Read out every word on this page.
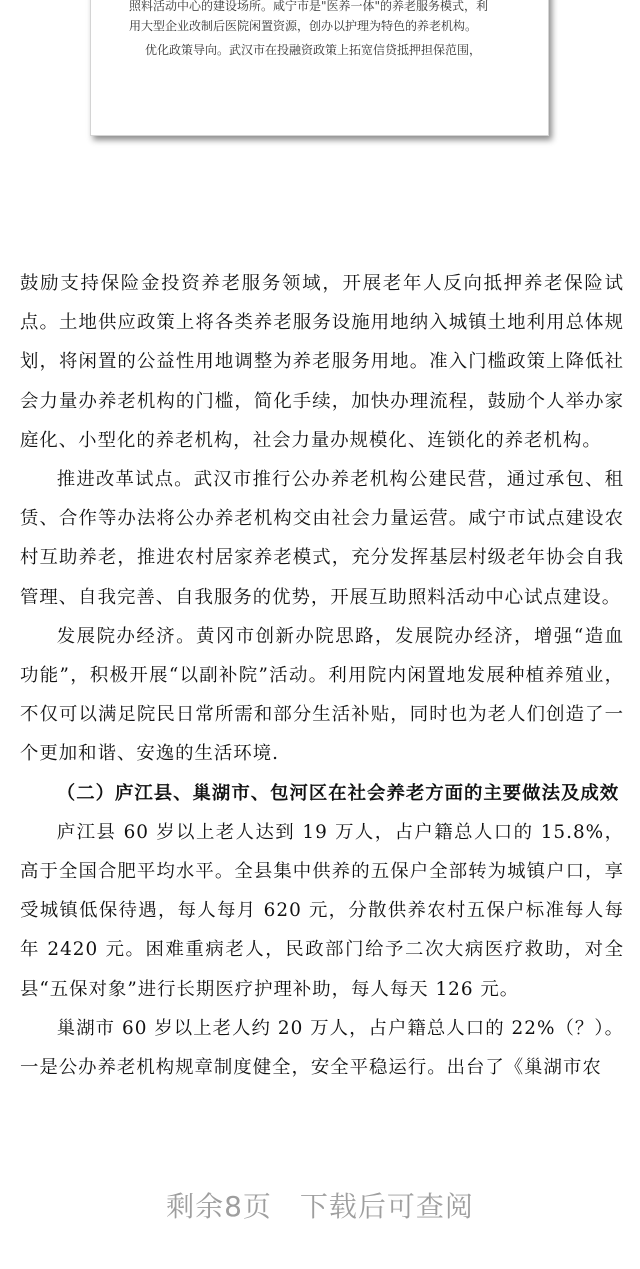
照料活动中心的建设场所。咸宁市是"医养一体"的养老服务模式，利
用大型企业改制后医院闲置资源，创办以护理为特色的养老机构。
优化政策导向。武汉市在投融资政策上拓宽信贷抵押担保范围，

鼓励支持保险金投资养老服务领域，开展老年人反向抵押养老保险试点。土地供应政策上将各类养老服务设施用地纳入城镇土地利用总体规划，将闲置的公益性用地调整为养老服务用地。准入门槛政策上降低社会力量办养老机构的门槛，简化手续，加快办理流程，鼓励个人举办家庭化、小型化的养老机构，社会力量办规模化、连锁化的养老机构。

推进改革试点。武汉市推行公办养老机构公建民营，通过承包、租赁、合作等办法将公办养老机构交由社会力量运营。咸宁市试点建设农村互助养老，推进农村居家养老模式，充分发挥基层村级老年协会自我管理、自我完善、自我服务的优势，开展互助照料活动中心试点建设。

发展院办经济。黄冈市创新办院思路，发展院办经济，增强“造血功能”，积极开展“以副补院”活动。利用院内闲置地发展种植养殖业，不仅可以满足院民日常所需和部分生活补贴，同时也为老人们创造了一个更加和谐、安逸的生活环境.

（二）庐江县、巢湖市、包河区在社会养老方面的主要做法及成效

庐江县 60 岁以上老人达到 19 万人，占户籍总人口的 15.8%，高于全国合肥平均水平。全县集中供养的五保户全部转为城镇户口，享受城镇低保待遇，每人每月 620 元，分散供养农村五保户标准每人每年 2420 元。困难重病老人，民政部门给予二次大病医疗救助，对全县“五保对象”进行长期医疗护理补助，每人每天 126 元。

巢湖市 60 岁以上老人约 20 万人，占户籍总人口的 22%（？）。一是公办养老机构规章制度健全，安全平稳运行。出台了《巢湖市农

剩余8页 下载后可查阅
